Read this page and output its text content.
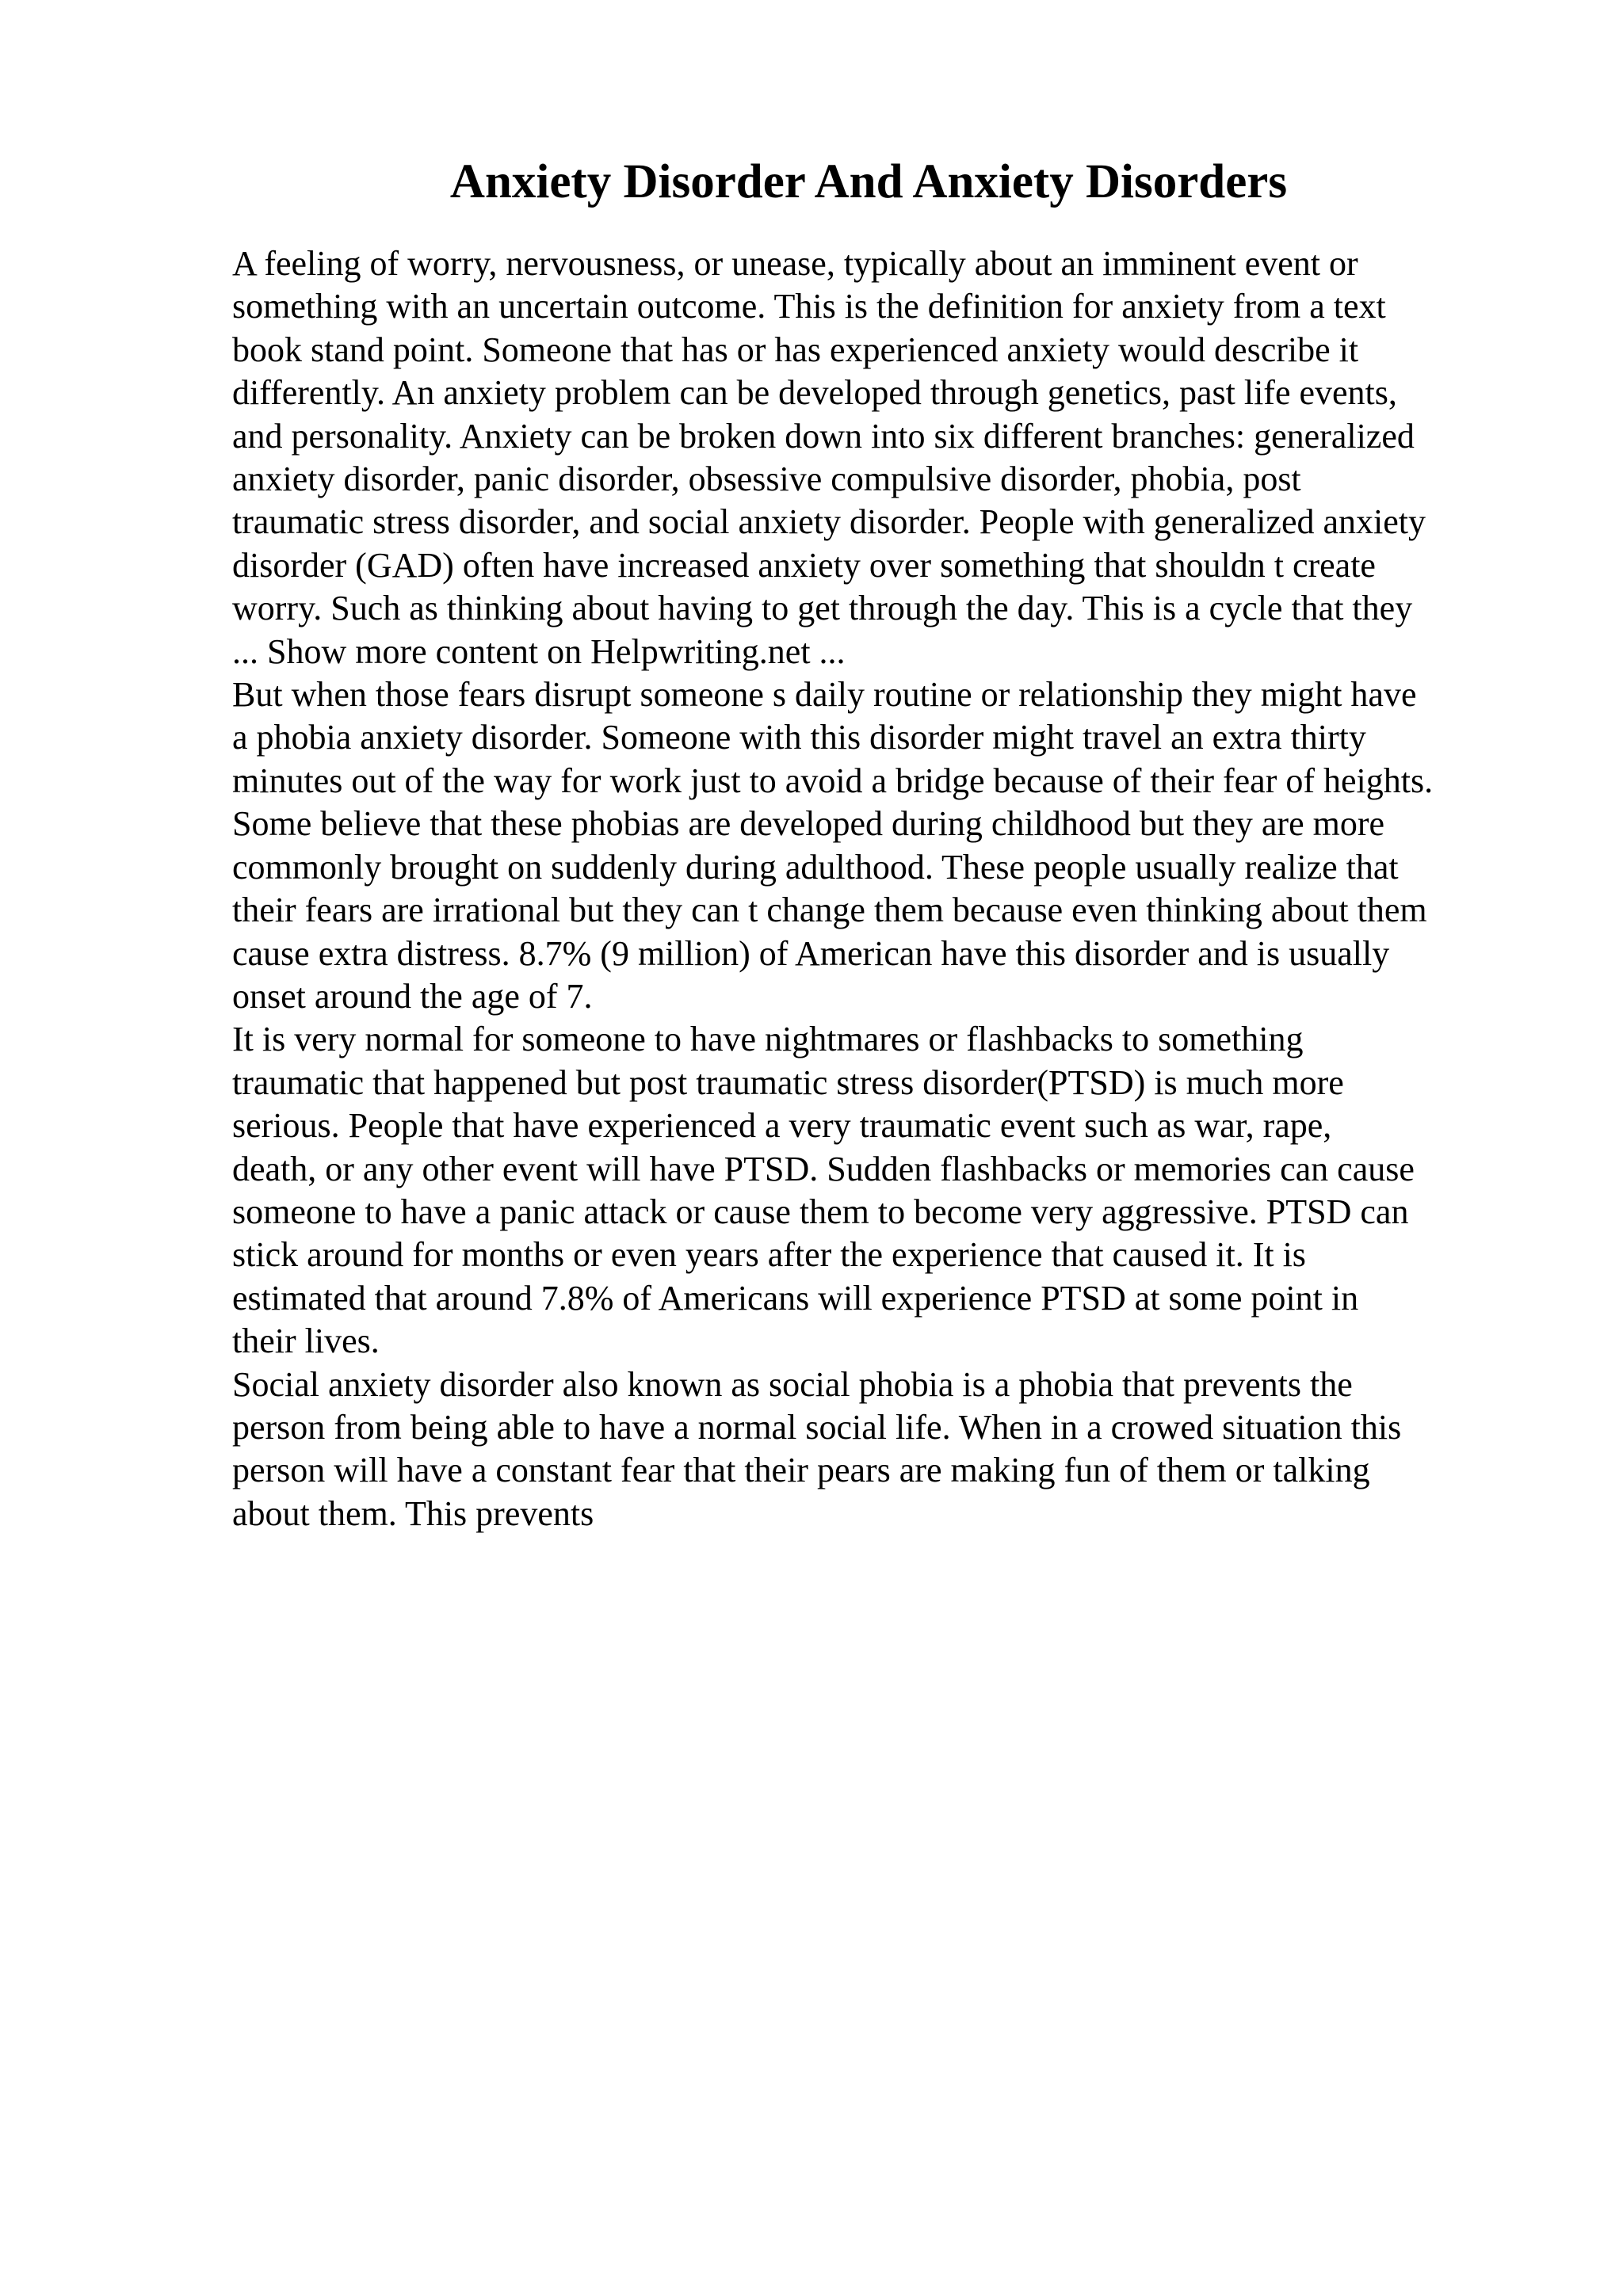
Anxiety Disorder And Anxiety Disorders
A feeling of worry, nervousness, or unease, typically about an imminent event or
something with an uncertain outcome. This is the definition for anxiety from a text
book stand point. Someone that has or has experienced anxiety would describe it
differently. An anxiety problem can be developed through genetics, past life events,
and personality. Anxiety can be broken down into six different branches: generalized
anxiety disorder, panic disorder, obsessive compulsive disorder, phobia, post
traumatic stress disorder, and social anxiety disorder. People with generalized anxiety
disorder (GAD) often have increased anxiety over something that shouldn t create
worry. Such as thinking about having to get through the day. This is a cycle that they
... Show more content on Helpwriting.net ...
But when those fears disrupt someone s daily routine or relationship they might have
a phobia anxiety disorder. Someone with this disorder might travel an extra thirty
minutes out of the way for work just to avoid a bridge because of their fear of heights.
Some believe that these phobias are developed during childhood but they are more
commonly brought on suddenly during adulthood. These people usually realize that
their fears are irrational but they can t change them because even thinking about them
cause extra distress. 8.7% (9 million) of American have this disorder and is usually
onset around the age of 7.
It is very normal for someone to have nightmares or flashbacks to something
traumatic that happened but post traumatic stress disorder(PTSD) is much more
serious. People that have experienced a very traumatic event such as war, rape,
death, or any other event will have PTSD. Sudden flashbacks or memories can cause
someone to have a panic attack or cause them to become very aggressive. PTSD can
stick around for months or even years after the experience that caused it. It is
estimated that around 7.8% of Americans will experience PTSD at some point in
their lives.
Social anxiety disorder also known as social phobia is a phobia that prevents the
person from being able to have a normal social life. When in a crowed situation this
person will have a constant fear that their pears are making fun of them or talking
about them. This prevents
